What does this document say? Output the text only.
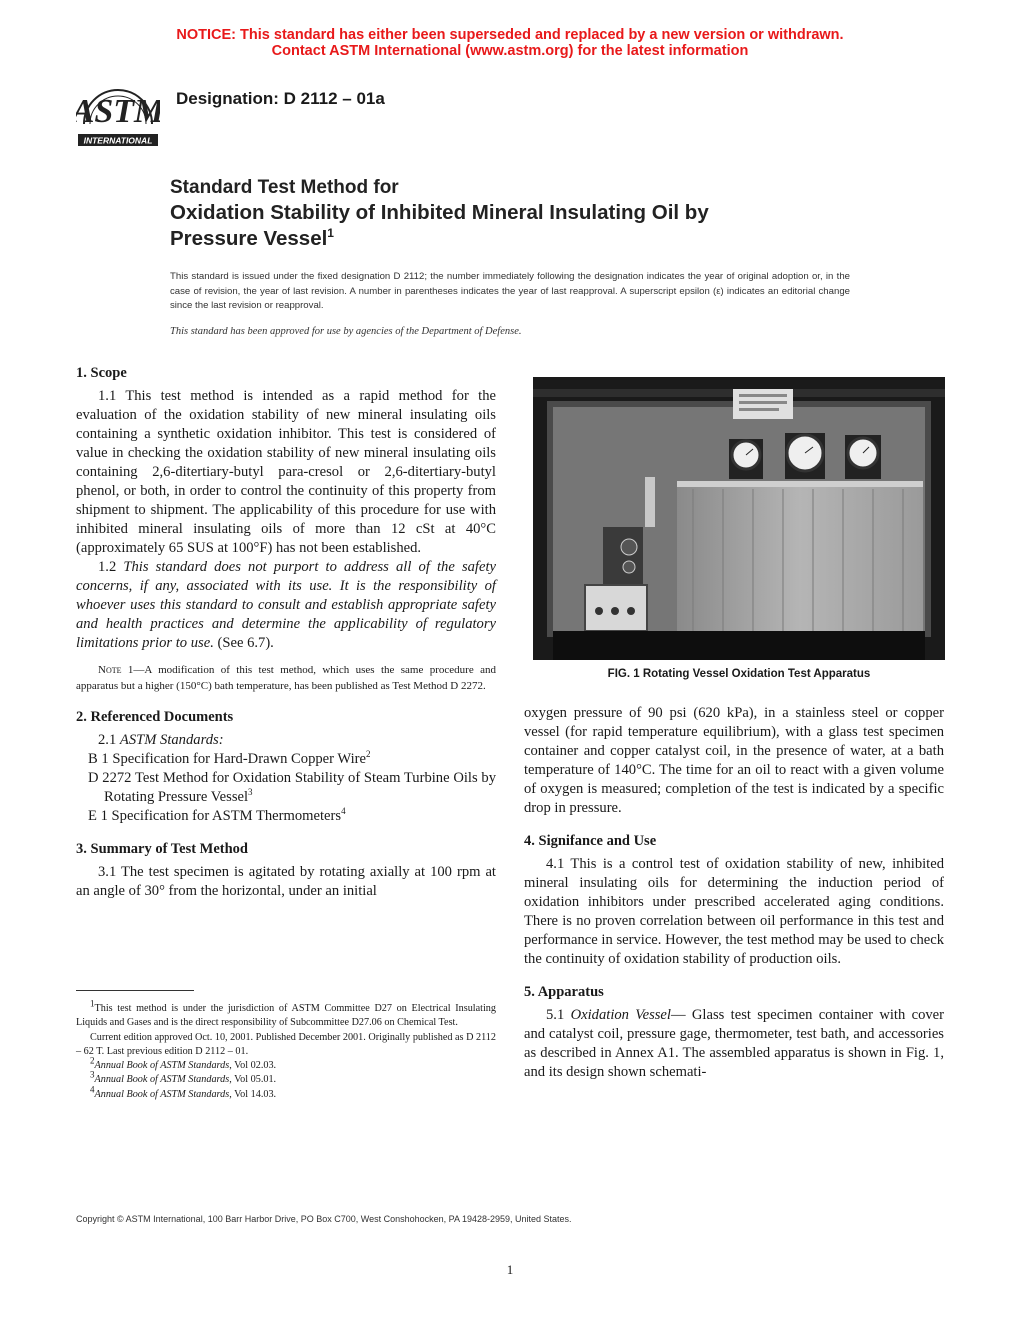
NOTICE: This standard has either been superseded and replaced by a new version or withdrawn.
Contact ASTM International (www.astm.org) for the latest information
ASTM
INTERNATIONAL
Designation: D 2112 – 01a
Standard Test Method for
Oxidation Stability of Inhibited Mineral Insulating Oil by
Pressure Vessel$^1$
This standard is issued under the fixed designation D 2112; the number immediately following the designation indicates the year of original adoption or, in the case of revision, the year of last revision. A number in parentheses indicates the year of last reapproval. A superscript epsilon (ε) indicates an editorial change since the last revision or reapproval.
This standard has been approved for use by agencies of the Department of Defense.
1. Scope

1.1 This test method is intended as a rapid method for the evaluation of the oxidation stability of new mineral insulating oils containing a synthetic oxidation inhibitor. This test is considered of value in checking the oxidation stability of new mineral insulating oils containing 2,6-ditertiary-butyl para-cresol or 2,6-ditertiary-butyl phenol, or both, in order to control the continuity of this property from shipment to shipment. The applicability of this procedure for use with inhibited mineral insulating oils of more than 12 cSt at 40°C (approximately 65 SUS at 100°F) has not been established.

1.2 This standard does not purport to address all of the safety concerns, if any, associated with its use. It is the responsibility of whoever uses this standard to consult and establish appropriate safety and health practices and determine the applicability of regulatory limitations prior to use. (See 6.7).

Note 1—A modification of this test method, which uses the same procedure and apparatus but a higher (150°C) bath temperature, has been published as Test Method D 2272.

2. Referenced Documents

2.1 ASTM Standards:

B 1 Specification for Hard-Drawn Copper Wire$^2$

D 2272 Test Method for Oxidation Stability of Steam Turbine Oils by Rotating Pressure Vessel$^3$

E 1 Specification for ASTM Thermometers$^4$

3. Summary of Test Method

3.1 The test specimen is agitated by rotating axially at 100 rpm at an angle of 30° from the horizontal, under an initial

$^1$This test method is under the jurisdiction of ASTM Committee D27 on Electrical Insulating Liquids and Gases and is the direct responsibility of Subcommittee D27.06 on Chemical Test.

Current edition approved Oct. 10, 2001. Published December 2001. Originally published as D 2112 – 62 T. Last previous edition D 2112 – 01.

$^2$Annual Book of ASTM Standards, Vol 02.03.

$^3$Annual Book of ASTM Standards, Vol 05.01.

$^4$Annual Book of ASTM Standards, Vol 14.03.

FIG. 1 Rotating Vessel Oxidation Test Apparatus

oxygen pressure of 90 psi (620 kPa), in a stainless steel or copper vessel (for rapid temperature equilibrium), with a glass test specimen container and copper catalyst coil, in the presence of water, at a bath temperature of 140°C. The time for an oil to react with a given volume of oxygen is measured; completion of the test is indicated by a specific drop in pressure.

4. Signifance and Use

4.1 This is a control test of oxidation stability of new, inhibited mineral insulating oils for determining the induction period of oxidation inhibitors under prescribed accelerated aging conditions. There is no proven correlation between oil performance in this test and performance in service. However, the test method may be used to check the continuity of oxidation stability of production oils.

5. Apparatus

5.1 Oxidation Vessel— Glass test specimen container with cover and catalyst coil, pressure gage, thermometer, test bath, and accessories as described in Annex A1. The assembled apparatus is shown in Fig. 1, and its design shown schemati-

Copyright © ASTM International, 100 Barr Harbor Drive, PO Box C700, West Conshohocken, PA 19428-2959, United States.
1
